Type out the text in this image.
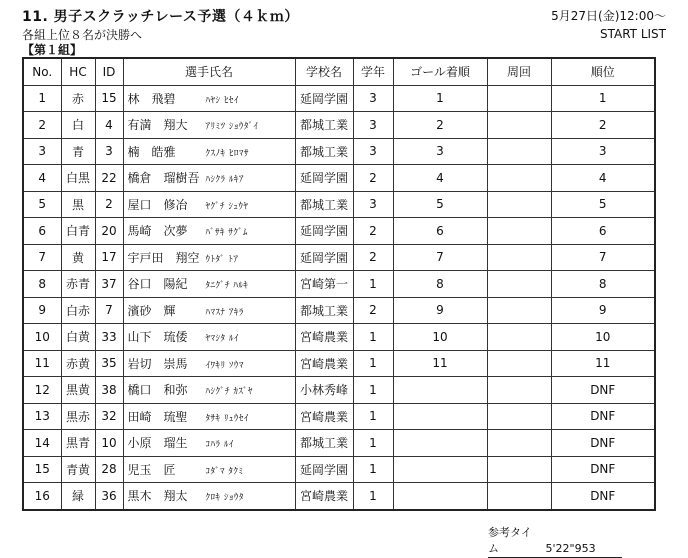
11. 男子スクラッチレース予選（４ｋｍ）	5月27日(金)12:00～
各組上位８名が決勝へ	START LIST
【第１組】
No.	HC	ID	選手氏名	学校名	学年	ゴール着順	周回	順位
1	赤	15	林　飛碧 ﾊﾔｼ ﾋｾｲ	延岡学園	3	1		1
2	白	4	有満　翔大 ｱﾘﾐﾂ ｼｮｳﾀﾞｲ	都城工業	3	2		2
3	青	3	楠　皓雅 ｸｽﾉｷ ﾋﾛﾏｻ	都城工業	3	3		3
4	白黒	22	橋倉　瑠樹吾 ﾊｼｸﾗ ﾙｷｱ	延岡学園	2	4		4
5	黒	2	屋口　修冶 ﾔｸﾞﾁ ｼｭｳﾔ	都城工業	3	5		5
6	白青	20	馬崎　次夢 ﾊﾞｻｷ ｻｸﾞﾑ	延岡学園	2	6		6
7	黄	17	宇戸田　翔空 ｳﾄﾀﾞ ﾄｱ	延岡学園	2	7		7
8	赤青	37	谷口　陽紀 ﾀﾆｸﾞﾁ ﾊﾙｷ	宮崎第一	1	8		8
9	白赤	7	濱砂　輝 ﾊﾏｽﾅ ｱｷﾗ	都城工業	2	9		9
10	白黄	33	山下　琉倭 ﾔﾏｼﾀ ﾙｲ	宮崎農業	1	10		10
11	赤黄	35	岩切　崇馬 ｲﾜｷﾘ ｿｳﾏ	宮崎農業	1	11		11
12	黒黄	38	橋口　和弥 ﾊｼｸﾞﾁ ｶｽﾞﾔ	小林秀峰	1			DNF
13	黒赤	32	田崎　琉聖 ﾀｻｷ ﾘｭｳｾｲ	宮崎農業	1			DNF
14	黒青	10	小原　瑠生 ｺﾊﾗ ﾙｲ	都城工業	1			DNF
15	青黄	28	児玉　匠 ｺﾀﾞﾏ ﾀｸﾐ	延岡学園	1			DNF
16	緑	36	黒木　翔太 ｸﾛｷ ｼｮｳﾀ	宮崎農業	1			DNF
参考タイム	5'22"953
